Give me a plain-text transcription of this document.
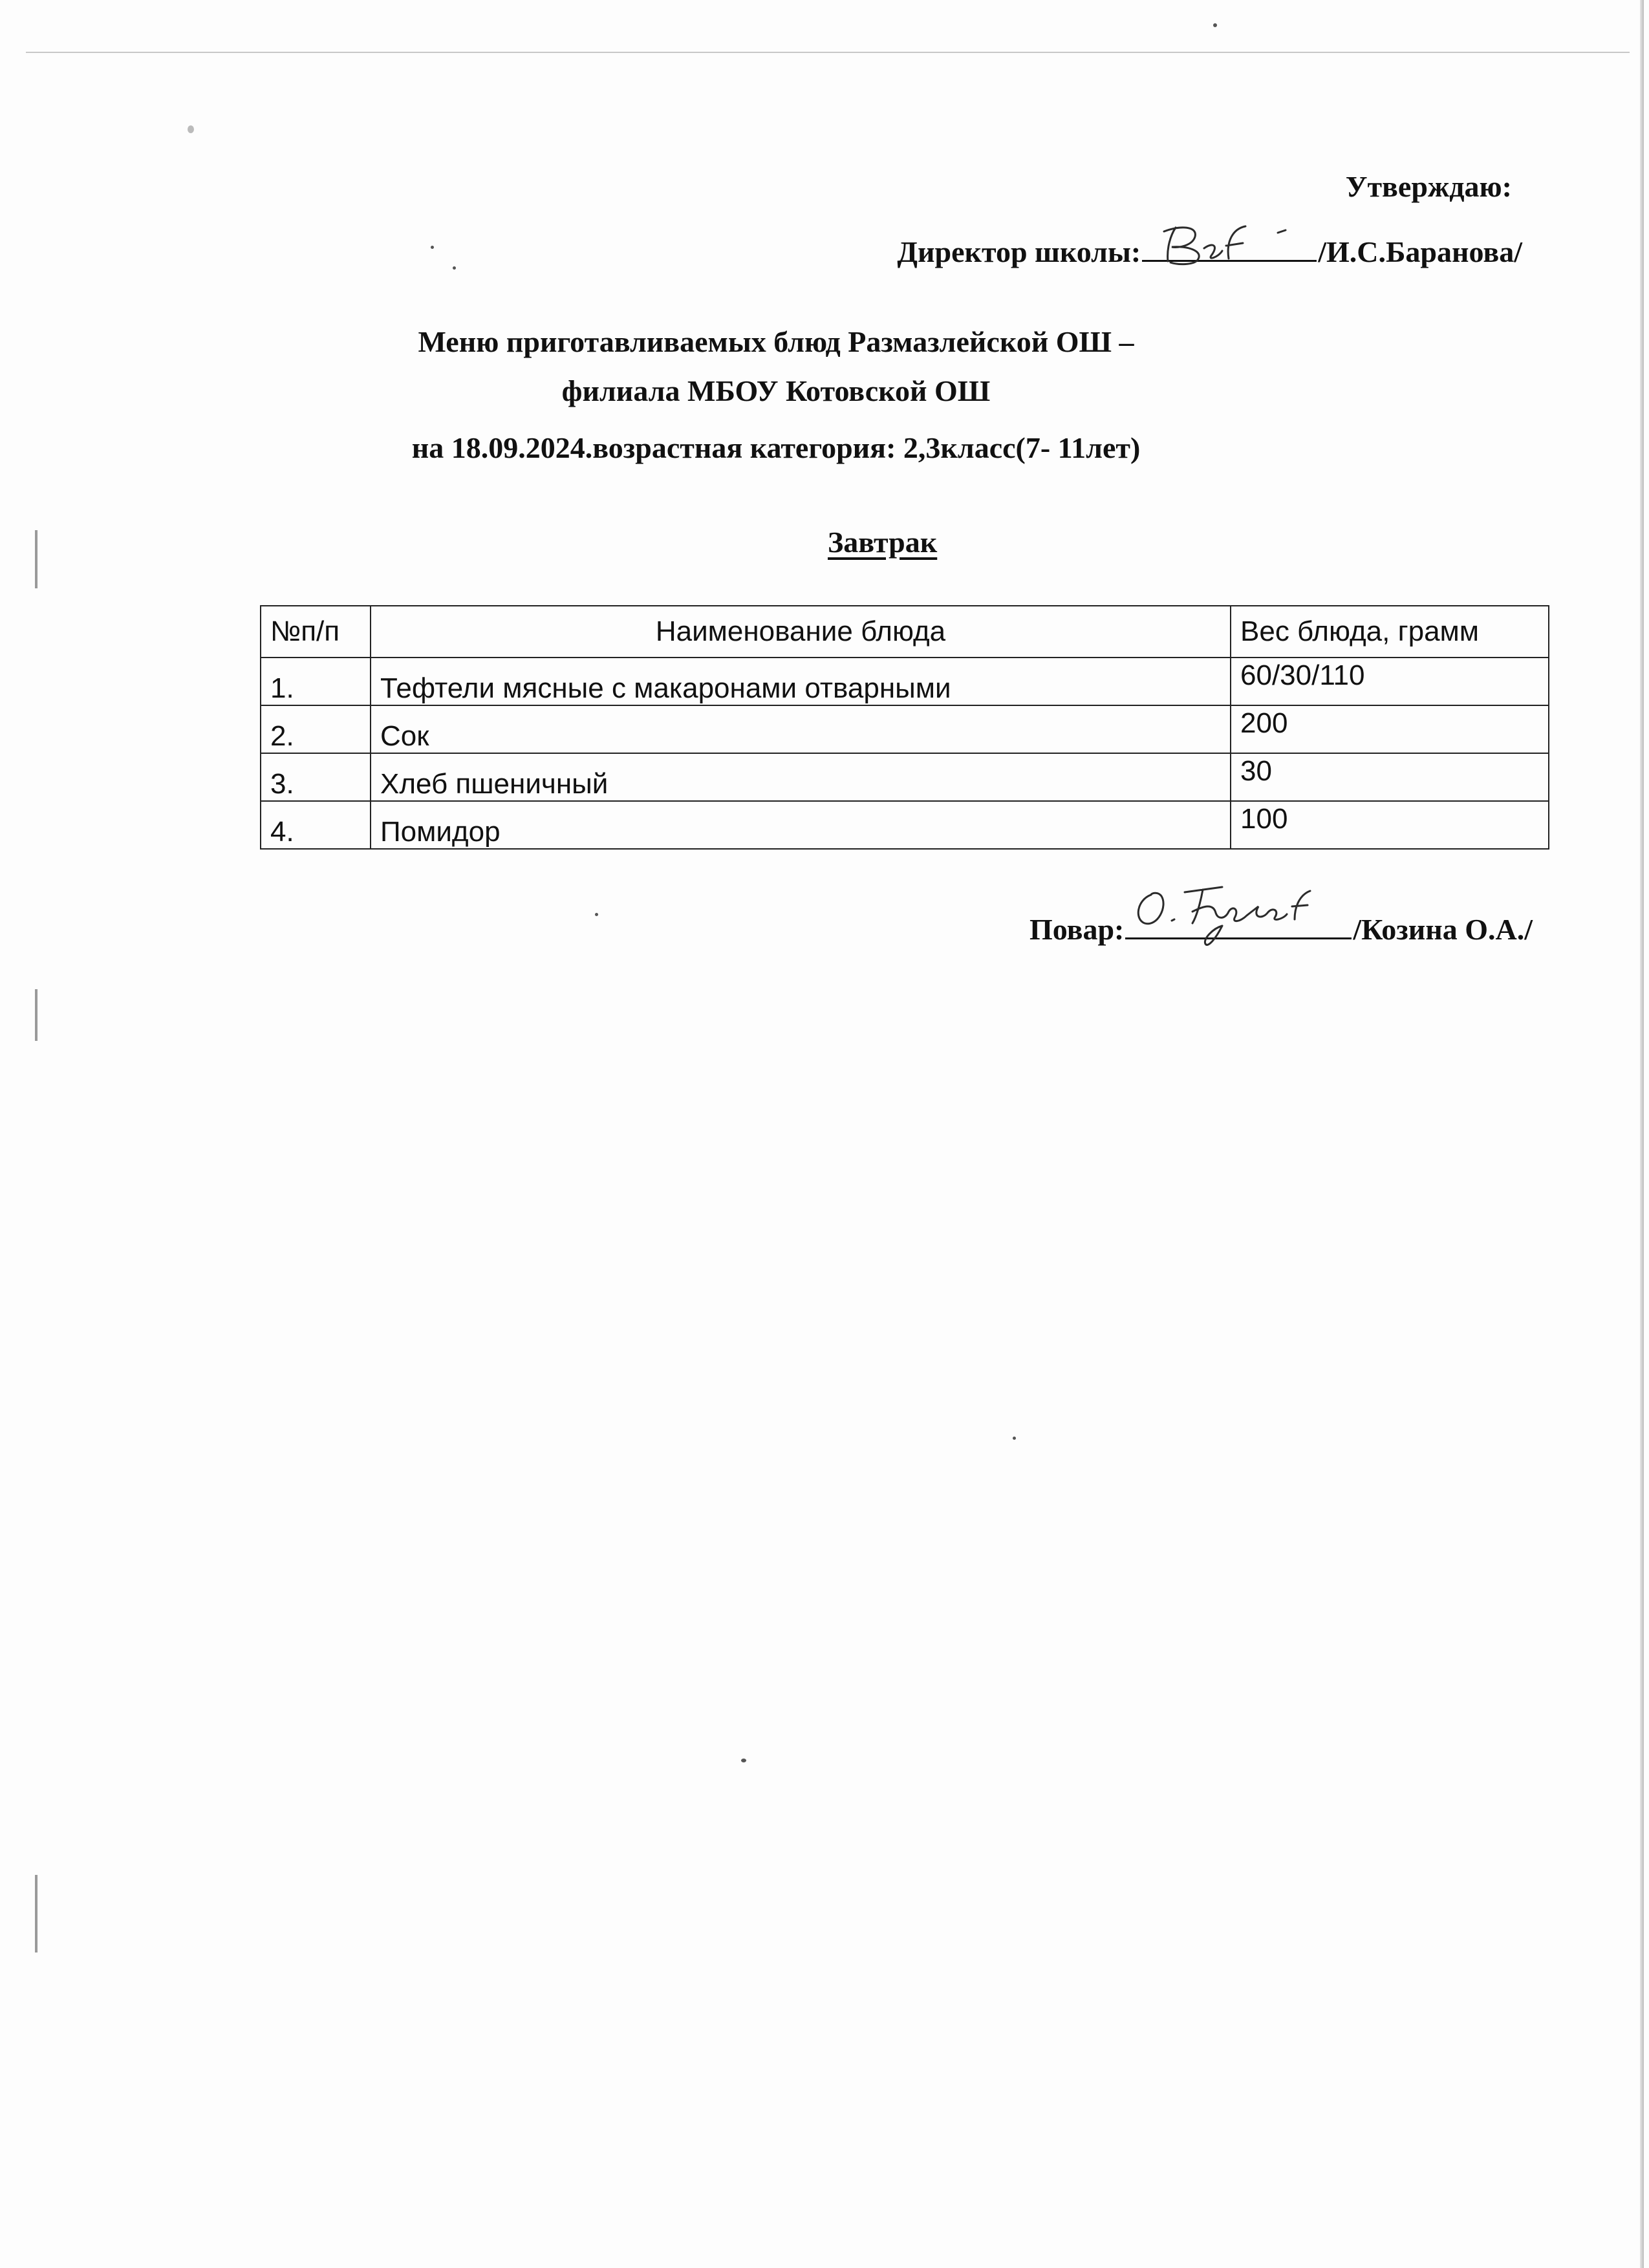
Утверждаю:
Директор школы:	/И.С.Баранова/
Меню приготавливаемых блюд Размазлейской ОШ –
филиала МБОУ Котовской ОШ
на 18.09.2024.возрастная категория: 2,3класс(7- 11лет)
Завтрак
№п/п	Наименование блюда	Вес блюда, грамм
1.	Тефтели мясные с макаронами отварными	60/30/110
2.	Сок	200
3.	Хлеб пшеничный	30
4.	Помидор	100
Повар:	/Козина О.А./
